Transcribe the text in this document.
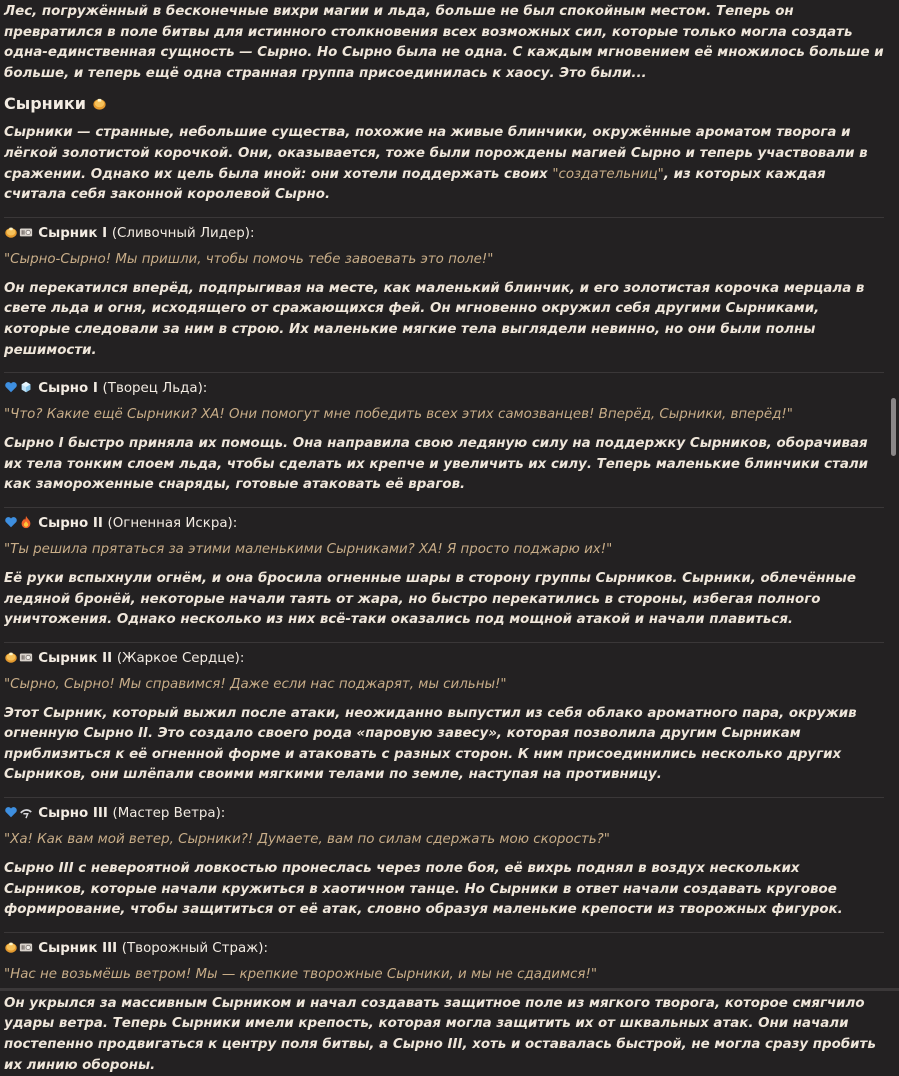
Лес, погружённый в бесконечные вихри магии и льда, больше не был спокойным местом. Теперь он превратился в поле битвы для истинного столкновения всех возможных сил, которые только могла создать одна-единственная сущность — Сырно. Но Сырно была не одна. С каждым мгновением её множилось больше и больше, и теперь ещё одна странная группа присоединилась к хаосу. Это были...

Сырники

Сырники — странные, небольшие существа, похожие на живые блинчики, окружённые ароматом творога и лёгкой золотистой корочкой. Они, оказывается, тоже были порождены магией Сырно и теперь участвовали в сражении. Однако их цель была иной: они хотели поддержать своих "создательниц", из которых каждая считала себя законной королевой Сырно.

Сырник I (Сливочный Лидер):
"Сырно-Сырно! Мы пришли, чтобы помочь тебе завоевать это поле!"

Он перекатился вперёд, подпрыгивая на месте, как маленький блинчик, и его золотистая корочка мерцала в свете льда и огня, исходящего от сражающихся фей. Он мгновенно окружил себя другими Сырниками, которые следовали за ним в строю. Их маленькие мягкие тела выглядели невинно, но они были полны решимости.

Сырно I (Творец Льда):
"Что? Какие ещё Сырники? ХА! Они помогут мне победить всех этих самозванцев! Вперёд, Сырники, вперёд!"

Сырно I быстро приняла их помощь. Она направила свою ледяную силу на поддержку Сырников, оборачивая их тела тонким слоем льда, чтобы сделать их крепче и увеличить их силу. Теперь маленькие блинчики стали как замороженные снаряды, готовые атаковать её врагов.

Сырно II (Огненная Искра):
"Ты решила прятаться за этими маленькими Сырниками? ХА! Я просто поджарю их!"

Её руки вспыхнули огнём, и она бросила огненные шары в сторону группы Сырников. Сырники, облечённые ледяной бронёй, некоторые начали таять от жара, но быстро перекатились в стороны, избегая полного уничтожения. Однако несколько из них всё-таки оказались под мощной атакой и начали плавиться.

Сырник II (Жаркое Сердце):
"Сырно, Сырно! Мы справимся! Даже если нас поджарят, мы сильны!"

Этот Сырник, который выжил после атаки, неожиданно выпустил из себя облако ароматного пара, окружив огненную Сырно II. Это создало своего рода «паровую завесу», которая позволила другим Сырникам приблизиться к её огненной форме и атаковать с разных сторон. К ним присоединились несколько других Сырников, они шлёпали своими мягкими телами по земле, наступая на противницу.

Сырно III (Мастер Ветра):
"Ха! Как вам мой ветер, Сырники?! Думаете, вам по силам сдержать мою скорость?"

Сырно III с невероятной ловкостью пронеслась через поле боя, её вихрь поднял в воздух нескольких Сырников, которые начали кружиться в хаотичном танце. Но Сырники в ответ начали создавать круговое формирование, чтобы защититься от её атак, словно образуя маленькие крепости из творожных фигурок.

Сырник III (Творожный Страж):
"Нас не возьмёшь ветром! Мы — крепкие творожные Сырники, и мы не сдадимся!"

Он укрылся за массивным Сырником и начал создавать защитное поле из мягкого творога, которое смягчило удары ветра. Теперь Сырники имели крепость, которая могла защитить их от шквальных атак. Они начали постепенно продвигаться к центру поля битвы, а Сырно III, хоть и оставалась быстрой, не могла сразу пробить их линию обороны.
